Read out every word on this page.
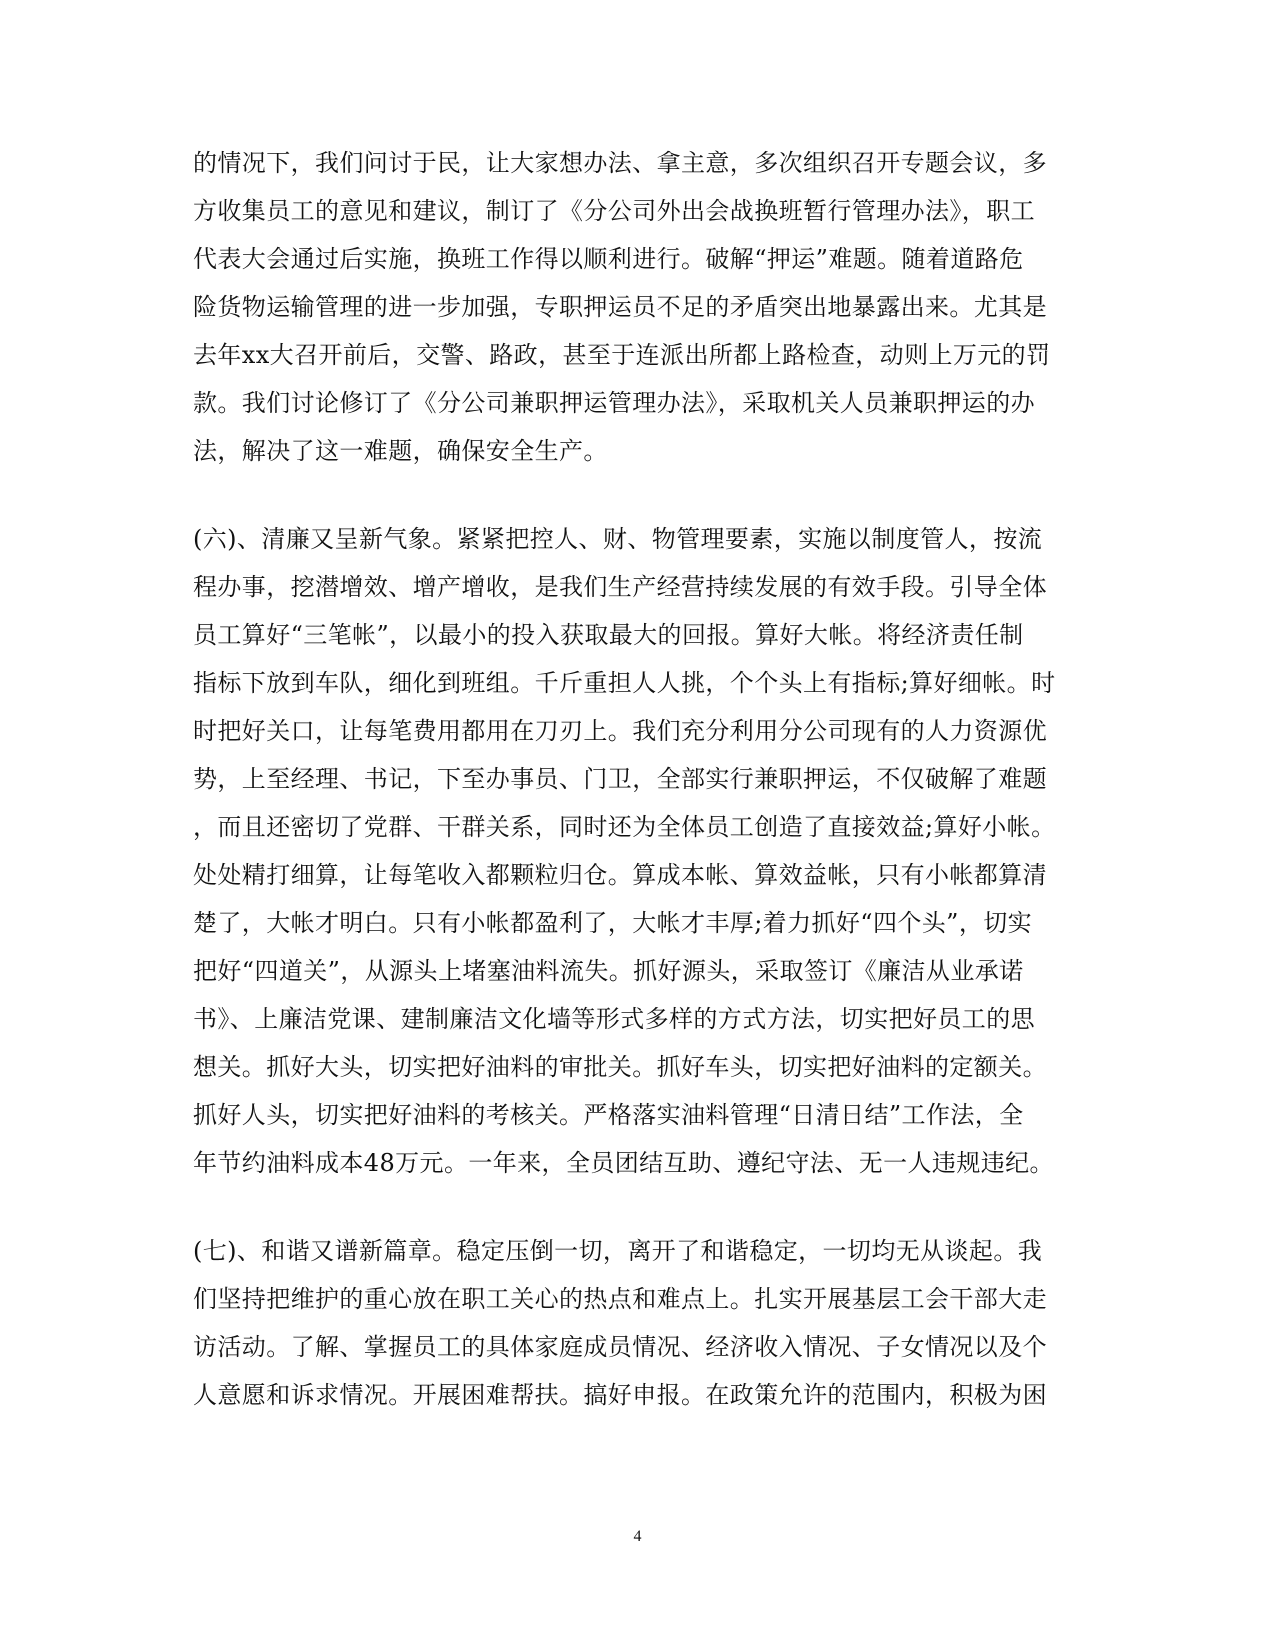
的情况下，我们问讨于民，让大家想办法、拿主意，多次组织召开专题会议，多
方收集员工的意见和建议，制订了《分公司外出会战换班暂行管理办法》，职工
代表大会通过后实施，换班工作得以顺利进行。破解“押运”难题。随着道路危
险货物运输管理的进一步加强，专职押运员不足的矛盾突出地暴露出来。尤其是
去年xx大召开前后，交警、路政，甚至于连派出所都上路检查，动则上万元的罚
款。我们讨论修订了《分公司兼职押运管理办法》，采取机关人员兼职押运的办
法，解决了这一难题，确保安全生产。
(六)、清廉又呈新气象。紧紧把控人、财、物管理要素，实施以制度管人，按流
程办事，挖潜增效、增产增收，是我们生产经营持续发展的有效手段。引导全体
员工算好“三笔帐”，以最小的投入获取最大的回报。算好大帐。将经济责任制
指标下放到车队，细化到班组。千斤重担人人挑，个个头上有指标;算好细帐。时
时把好关口，让每笔费用都用在刀刃上。我们充分利用分公司现有的人力资源优
势，上至经理、书记，下至办事员、门卫，全部实行兼职押运，不仅破解了难题
，而且还密切了党群、干群关系，同时还为全体员工创造了直接效益;算好小帐。
处处精打细算，让每笔收入都颗粒归仓。算成本帐、算效益帐，只有小帐都算清
楚了，大帐才明白。只有小帐都盈利了，大帐才丰厚;着力抓好“四个头”，切实
把好“四道关”，从源头上堵塞油料流失。抓好源头，采取签订《廉洁从业承诺
书》、上廉洁党课、建制廉洁文化墙等形式多样的方式方法，切实把好员工的思
想关。抓好大头，切实把好油料的审批关。抓好车头，切实把好油料的定额关。
抓好人头，切实把好油料的考核关。严格落实油料管理“日清日结”工作法，全
年节约油料成本48万元。一年来，全员团结互助、遵纪守法、无一人违规违纪。
(七)、和谐又谱新篇章。稳定压倒一切，离开了和谐稳定，一切均无从谈起。我
们坚持把维护的重心放在职工关心的热点和难点上。扎实开展基层工会干部大走
访活动。了解、掌握员工的具体家庭成员情况、经济收入情况、子女情况以及个
人意愿和诉求情况。开展困难帮扶。搞好申报。在政策允许的范围内，积极为困
4
